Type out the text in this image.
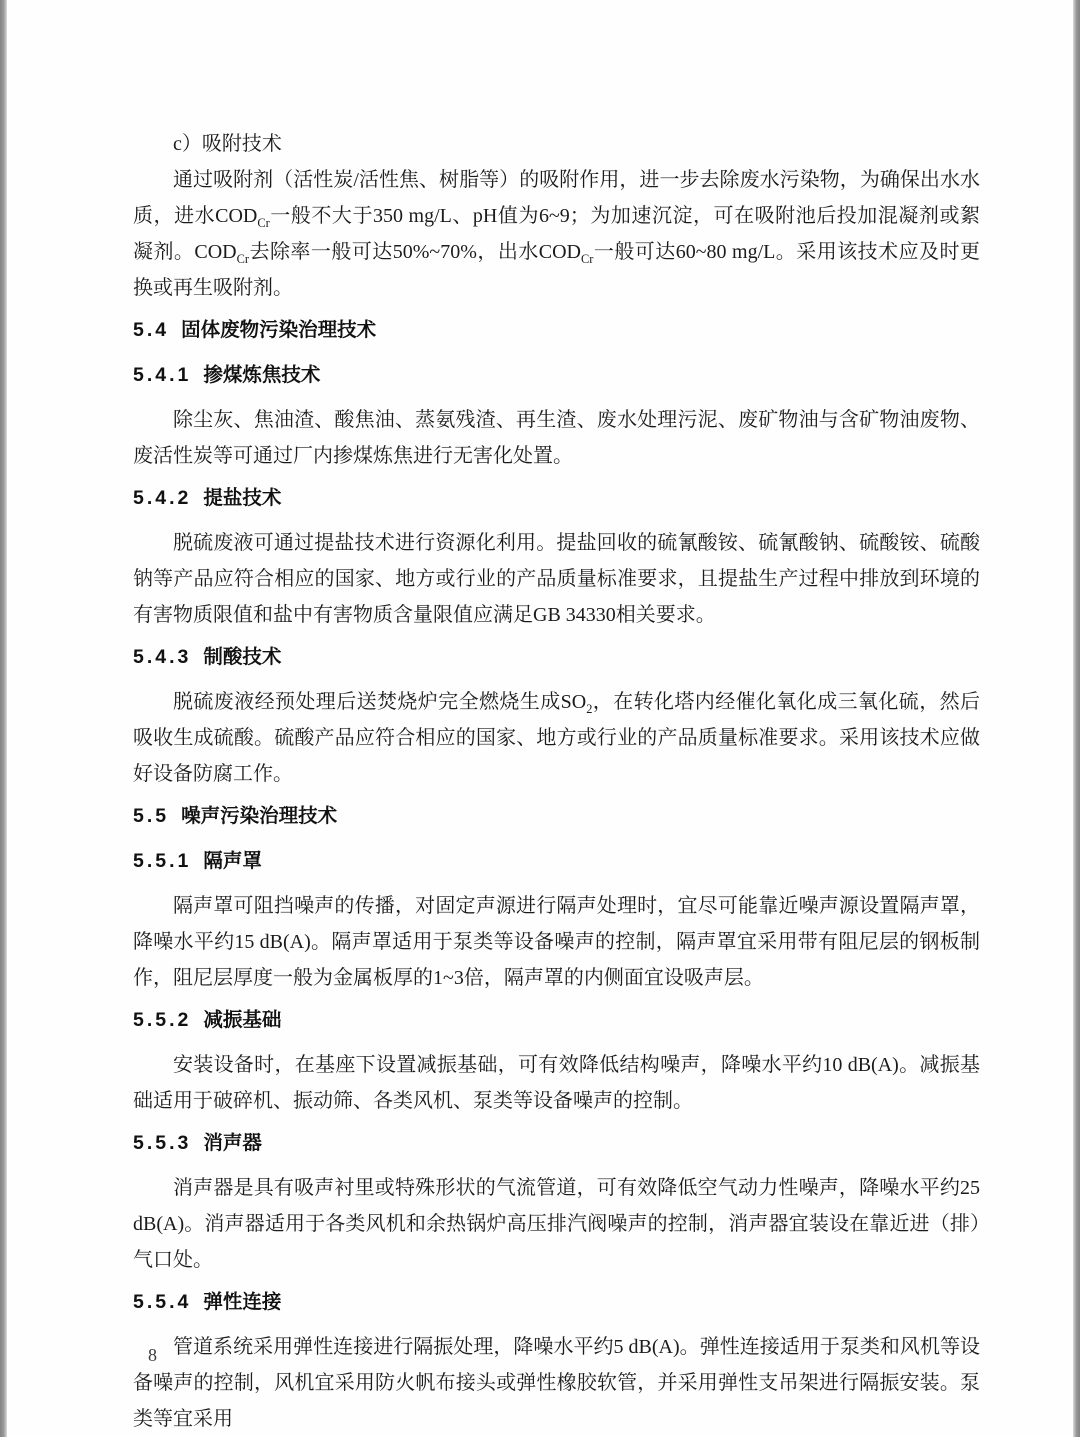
c）吸附技术

通过吸附剂（活性炭/活性焦、树脂等）的吸附作用，进一步去除废水污染物，为确保出水水质，进水$COD_{Cr}$一般不大于350 mg/L、pH值为6~9；为加速沉淀，可在吸附池后投加混凝剂或絮凝剂。$COD_{Cr}$去除率一般可达50%~70%，出水$COD_{Cr}$一般可达60~80 mg/L。采用该技术应及时更换或再生吸附剂。

5.4 固体废物污染治理技术
5.4.1 掺煤炼焦技术

除尘灰、焦油渣、酸焦油、蒸氨残渣、再生渣、废水处理污泥、废矿物油与含矿物油废物、废活性炭等可通过厂内掺煤炼焦进行无害化处置。

5.4.2 提盐技术

脱硫废液可通过提盐技术进行资源化利用。提盐回收的硫氰酸铵、硫氰酸钠、硫酸铵、硫酸钠等产品应符合相应的国家、地方或行业的产品质量标准要求，且提盐生产过程中排放到环境的有害物质限值和盐中有害物质含量限值应满足GB 34330相关要求。

5.4.3 制酸技术

脱硫废液经预处理后送焚烧炉完全燃烧生成$SO_2$，在转化塔内经催化氧化成三氧化硫，然后吸收生成硫酸。硫酸产品应符合相应的国家、地方或行业的产品质量标准要求。采用该技术应做好设备防腐工作。

5.5 噪声污染治理技术
5.5.1 隔声罩

隔声罩可阻挡噪声的传播，对固定声源进行隔声处理时，宜尽可能靠近噪声源设置隔声罩，降噪水平约15 dB(A)。隔声罩适用于泵类等设备噪声的控制，隔声罩宜采用带有阻尼层的钢板制作，阻尼层厚度一般为金属板厚的1~3倍，隔声罩的内侧面宜设吸声层。

5.5.2 减振基础

安装设备时，在基座下设置减振基础，可有效降低结构噪声，降噪水平约10 dB(A)。减振基础适用于破碎机、振动筛、各类风机、泵类等设备噪声的控制。

5.5.3 消声器

消声器是具有吸声衬里或特殊形状的气流管道，可有效降低空气动力性噪声，降噪水平约25 dB(A)。消声器适用于各类风机和余热锅炉高压排汽阀噪声的控制，消声器宜装设在靠近进（排）气口处。

5.5.4 弹性连接

管道系统采用弹性连接进行隔振处理，降噪水平约5 dB(A)。弹性连接适用于泵类和风机等设备噪声的控制，风机宜采用防火帆布接头或弹性橡胶软管，并采用弹性支吊架进行隔振安装。泵类等宜采用

8
